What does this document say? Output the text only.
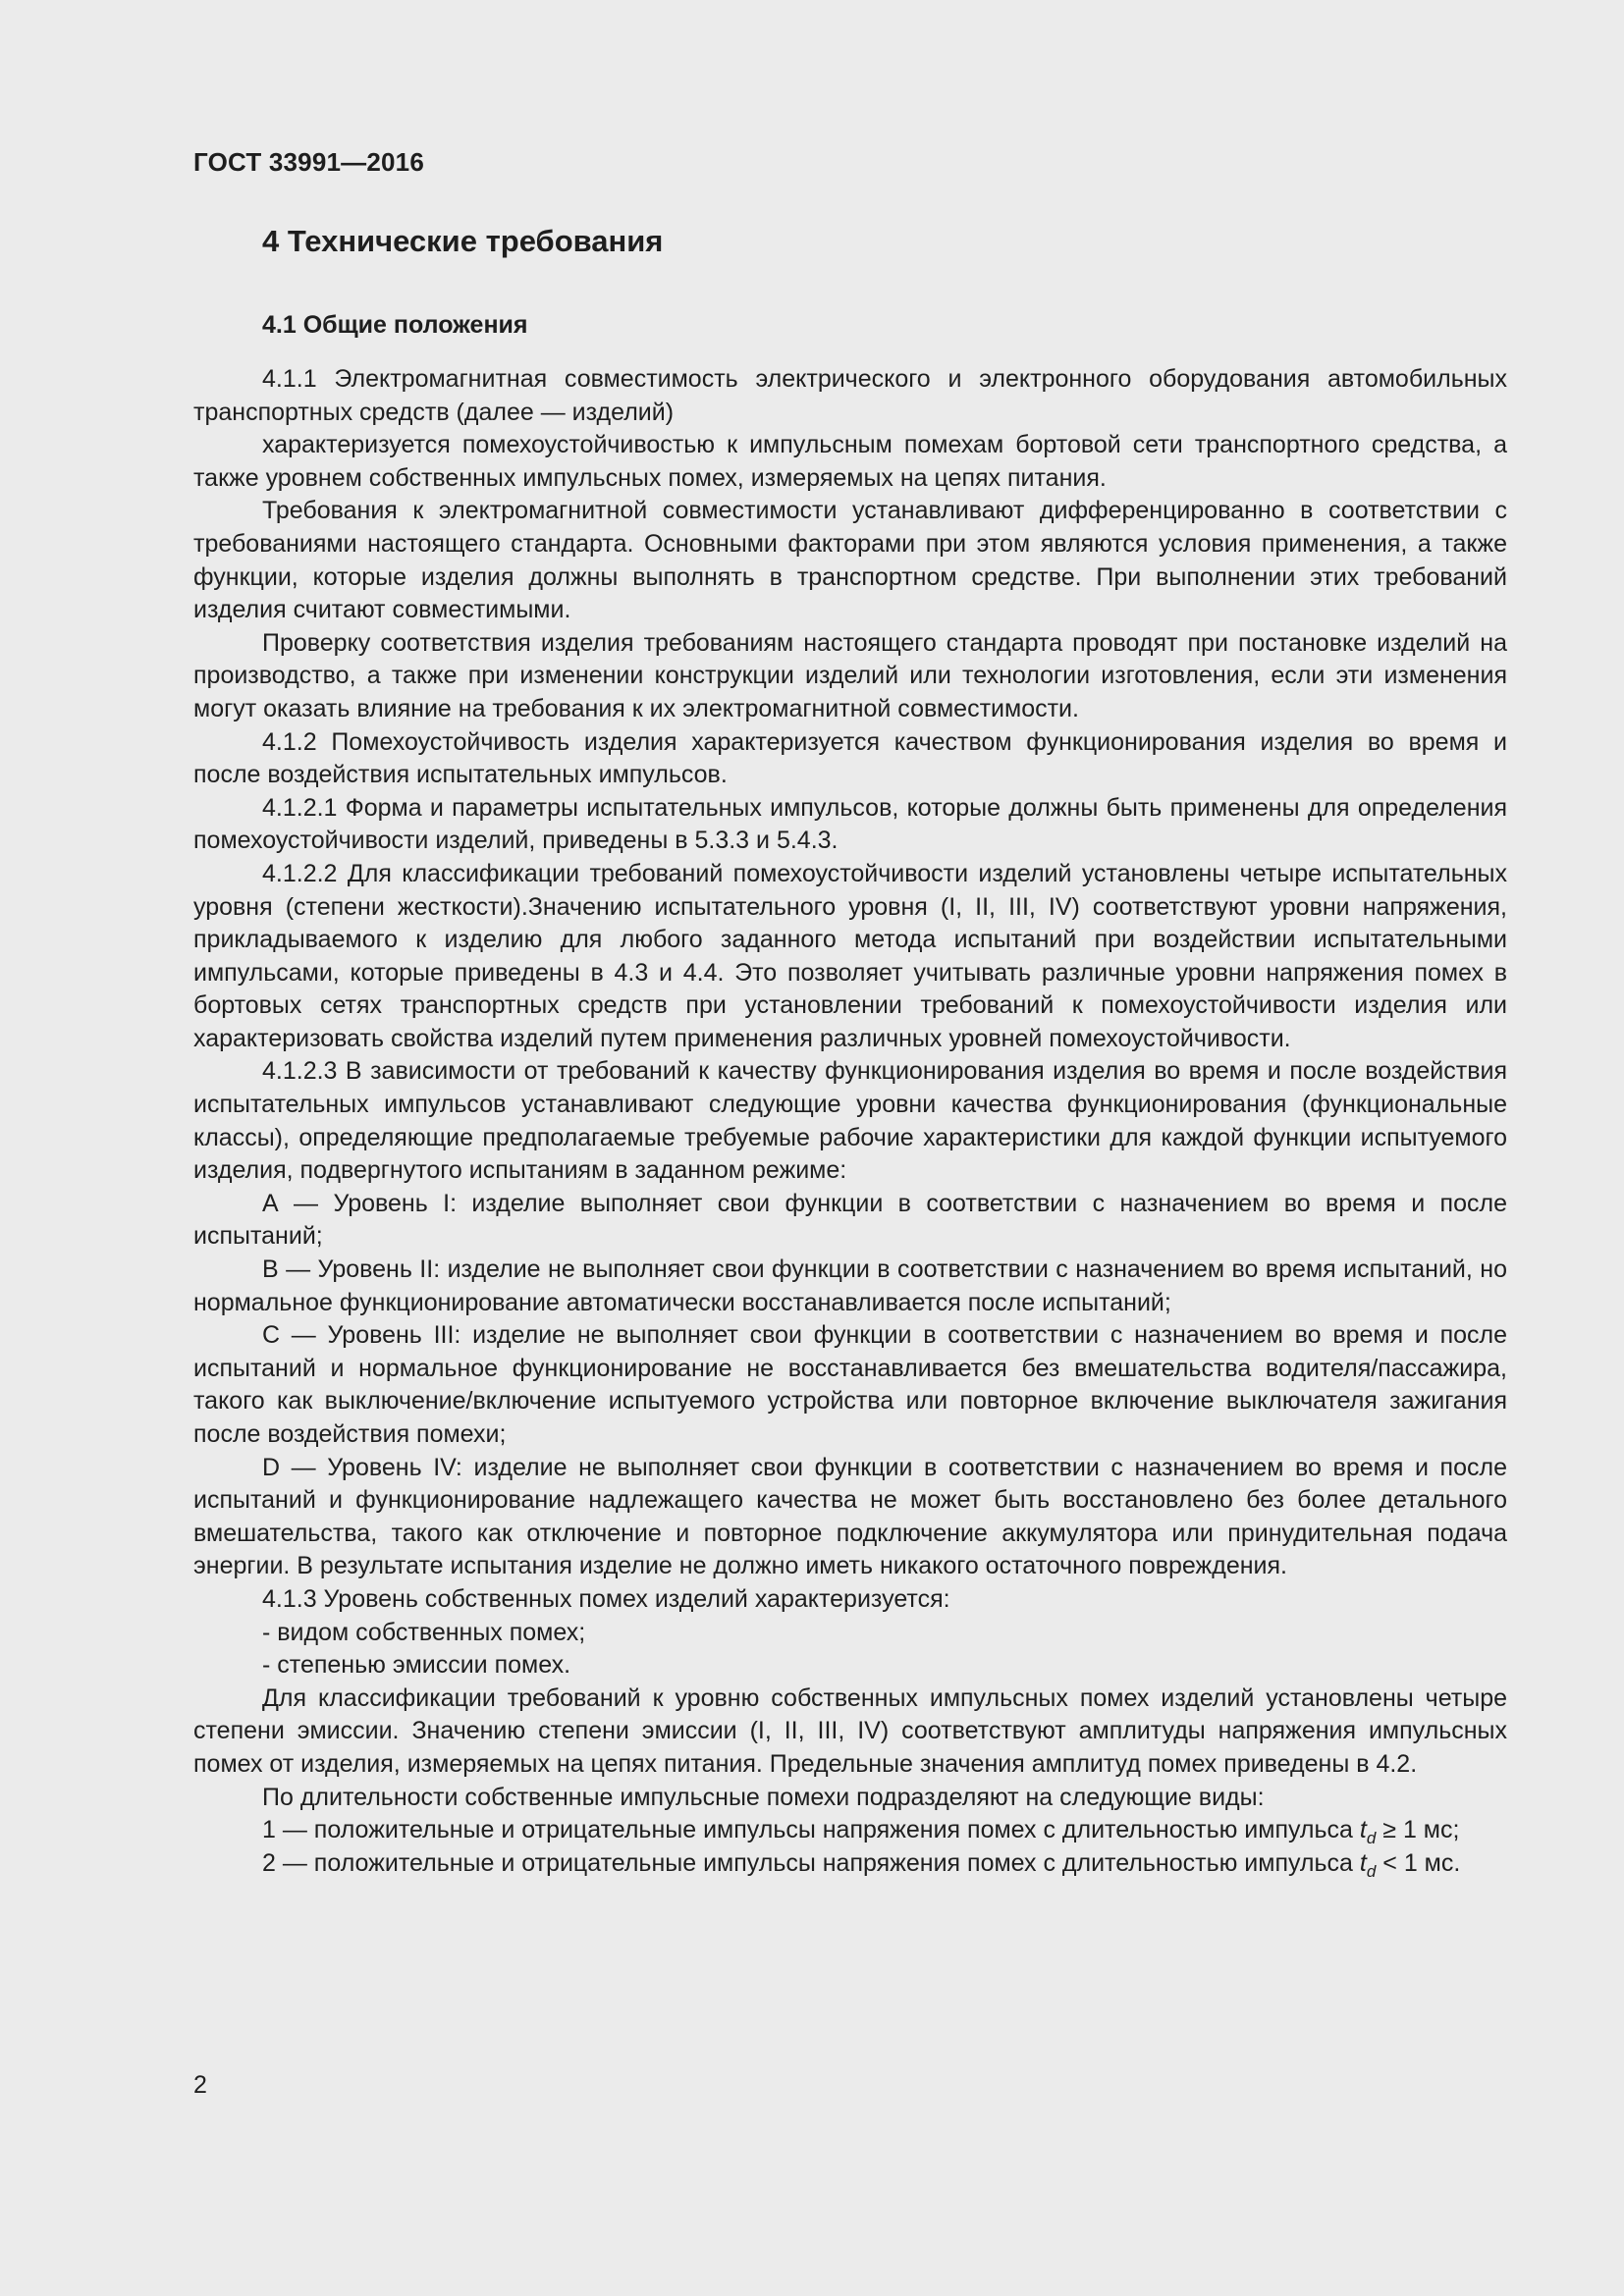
ГОСТ 33991—2016
4 Технические требования
4.1 Общие положения

4.1.1 Электромагнитная совместимость электрического и электронного оборудования автомобильных транспортных средств (далее — изделий)

характеризуется помехоустойчивостью к импульсным помехам бортовой сети транспортного средства, а также уровнем собственных импульсных помех, измеряемых на цепях питания.

Требования к электромагнитной совместимости устанавливают дифференцированно в соответствии с требованиями настоящего стандарта. Основными факторами при этом являются условия применения, а также функции, которые изделия должны выполнять в транспортном средстве. При выполнении этих требований изделия считают совместимыми.

Проверку соответствия изделия требованиям настоящего стандарта проводят при постановке изделий на производство, а также при изменении конструкции изделий или технологии изготовления, если эти изменения могут оказать влияние на требования к их электромагнитной совместимости.

4.1.2 Помехоустойчивость изделия характеризуется качеством функционирования изделия во время и после воздействия испытательных импульсов.

4.1.2.1 Форма и параметры испытательных импульсов, которые должны быть применены для определения помехоустойчивости изделий, приведены в 5.3.3 и 5.4.3.

4.1.2.2 Для классификации требований помехоустойчивости изделий установлены четыре испытательных уровня (степени жесткости).Значению испытательного уровня (I, II, III, IV) соответствуют уровни напряжения, прикладываемого к изделию для любого заданного метода испытаний при воздействии испытательными импульсами, которые приведены в 4.3 и 4.4. Это позволяет учитывать различные уровни напряжения помех в бортовых сетях транспортных средств при установлении требований к помехоустойчивости изделия или характеризовать свойства изделий путем применения различных уровней помехоустойчивости.

4.1.2.3 В зависимости от требований к качеству функционирования изделия во время и после воздействия испытательных импульсов устанавливают следующие уровни качества функционирования (функциональные классы), определяющие предполагаемые требуемые рабочие характеристики для каждой функции испытуемого изделия, подвергнутого испытаниям в заданном режиме:

А — Уровень I: изделие выполняет свои функции в соответствии с назначением во время и после испытаний;

В — Уровень II: изделие не выполняет свои функции в соответствии с назначением во время испытаний, но нормальное функционирование автоматически восстанавливается после испытаний;

С — Уровень III: изделие не выполняет свои функции в соответствии с назначением во время и после испытаний и нормальное функционирование не восстанавливается без вмешательства водителя/пассажира, такого как выключение/включение испытуемого устройства или повторное включение выключателя зажигания после воздействия помехи;

D — Уровень IV: изделие не выполняет свои функции в соответствии с назначением во время и после испытаний и функционирование надлежащего качества не может быть восстановлено без более детального вмешательства, такого как отключение и повторное подключение аккумулятора или принудительная подача энергии. В результате испытания изделие не должно иметь никакого остаточного повреждения.

4.1.3 Уровень собственных помех изделий характеризуется:

- видом собственных помех;

- степенью эмиссии помех.

Для классификации требований к уровню собственных импульсных помех изделий установлены четыре степени эмиссии. Значению степени эмиссии (I, II, III, IV) соответствуют амплитуды напряжения импульсных помех от изделия, измеряемых на цепях питания. Предельные значения амплитуд помех приведены в 4.2.

По длительности собственные импульсные помехи подразделяют на следующие виды:

1 — положительные и отрицательные импульсы напряжения помех с длительностью импульса $t_d \ge 1$ мс;

2 — положительные и отрицательные импульсы напряжения помех с длительностью импульса $t_d < 1$ мс.

2
